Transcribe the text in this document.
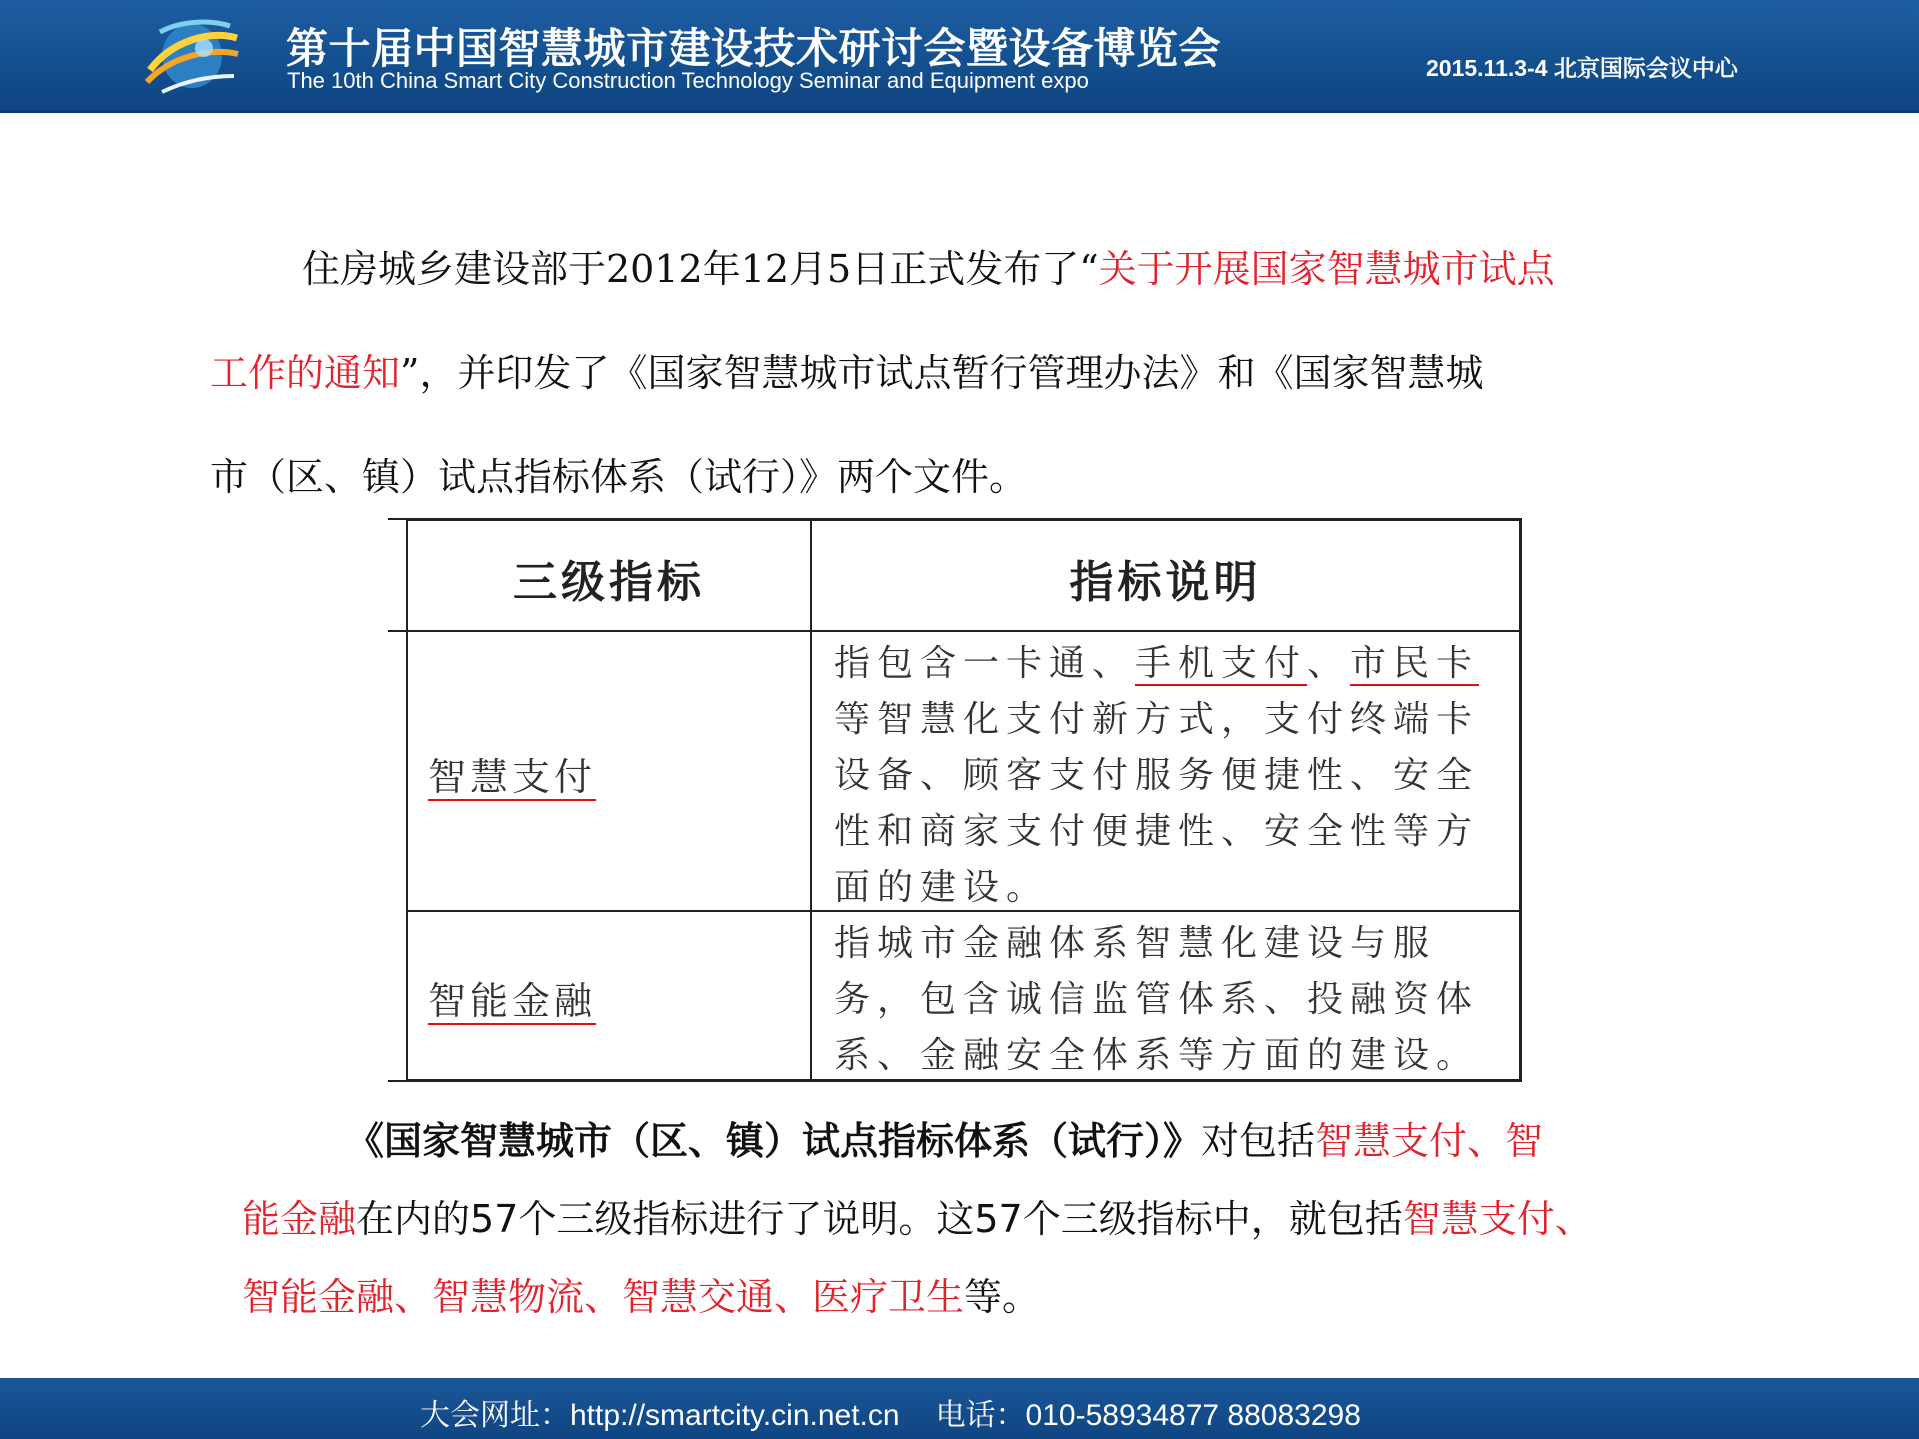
第十届中国智慧城市建设技术研讨会暨设备博览会
The 10th China Smart City Construction Technology Seminar and Equipment expo	2015.11.3-4 北京国际会议中心
住房城乡建设部于2012年12月5日正式发布了“关于开展国家智慧城市试点
工作的通知”，并印发了《国家智慧城市试点暂行管理办法》和《国家智慧城
市（区、镇）试点指标体系（试行）》两个文件。
三级指标	指标说明
智慧支付
指包含一卡通、手机支付、市民卡等智慧化支付新方式，支付终端卡设备、顾客支付服务便捷性、安全性和商家支付便捷性、安全性等方面的建设。
智能金融
指城市金融体系智慧化建设与服务，包含诚信监管体系、投融资体系、金融安全体系等方面的建设。
《国家智慧城市（区、镇）试点指标体系（试行）》对包括智慧支付、智
能金融在内的57个三级指标进行了说明。这57个三级指标中，就包括智慧支付、
智能金融、智慧物流、智慧交通、医疗卫生等。
大会网址：http://smartcity.cin.net.cn 电话：010-58934877 88083298
